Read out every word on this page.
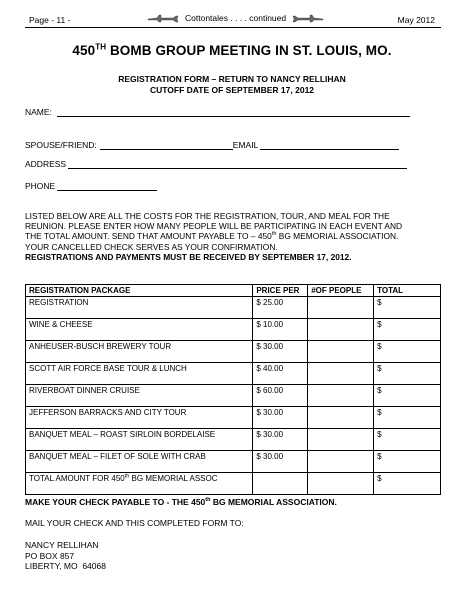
Page - 11 -	Cottontales . . . . continued	May 2012
450TH BOMB GROUP MEETING IN ST. LOUIS, MO.
REGISTRATION FORM – RETURN TO NANCY RELLIHAN
CUTOFF DATE OF SEPTEMBER 17, 2012
NAME:
SPOUSE/FRIEND:	EMAIL
ADDRESS
PHONE
LISTED BELOW ARE ALL THE COSTS FOR THE REGISTRATION, TOUR, AND MEAL FOR THE
REUNION. PLEASE ENTER HOW MANY PEOPLE WILL BE PARTICIPATING IN EACH EVENT AND
THE TOTAL AMOUNT. SEND THAT AMOUNT PAYABLE TO – 450th BG MEMORIAL ASSOCIATION.
YOUR CANCELLED CHECK SERVES AS YOUR CONFIRMATION.
REGISTRATIONS AND PAYMENTS MUST BE RECEIVED BY SEPTEMBER 17, 2012.
REGISTRATION PACKAGE	PRICE PER	#OF PEOPLE	TOTAL
REGISTRATION	$ 25.00		$
WINE & CHEESE	$ 10.00		$
ANHEUSER-BUSCH BREWERY TOUR	$ 30.00		$
SCOTT AIR FORCE BASE TOUR & LUNCH	$ 40.00		$
RIVERBOAT DINNER CRUISE	$ 60.00		$
JEFFERSON BARRACKS AND CITY TOUR	$ 30.00		$
BANQUET MEAL – ROAST SIRLOIN BORDELAISE	$ 30.00		$
BANQUET MEAL – FILET OF SOLE WITH CRAB	$ 30.00		$
TOTAL AMOUNT FOR 450th BG MEMORIAL ASSOC			$
MAKE YOUR CHECK PAYABLE TO - THE 450th BG MEMORIAL ASSOCIATION.
MAIL YOUR CHECK AND THIS COMPLETED FORM TO:
NANCY RELLIHAN
PO BOX 857
LIBERTY, MO  64068
